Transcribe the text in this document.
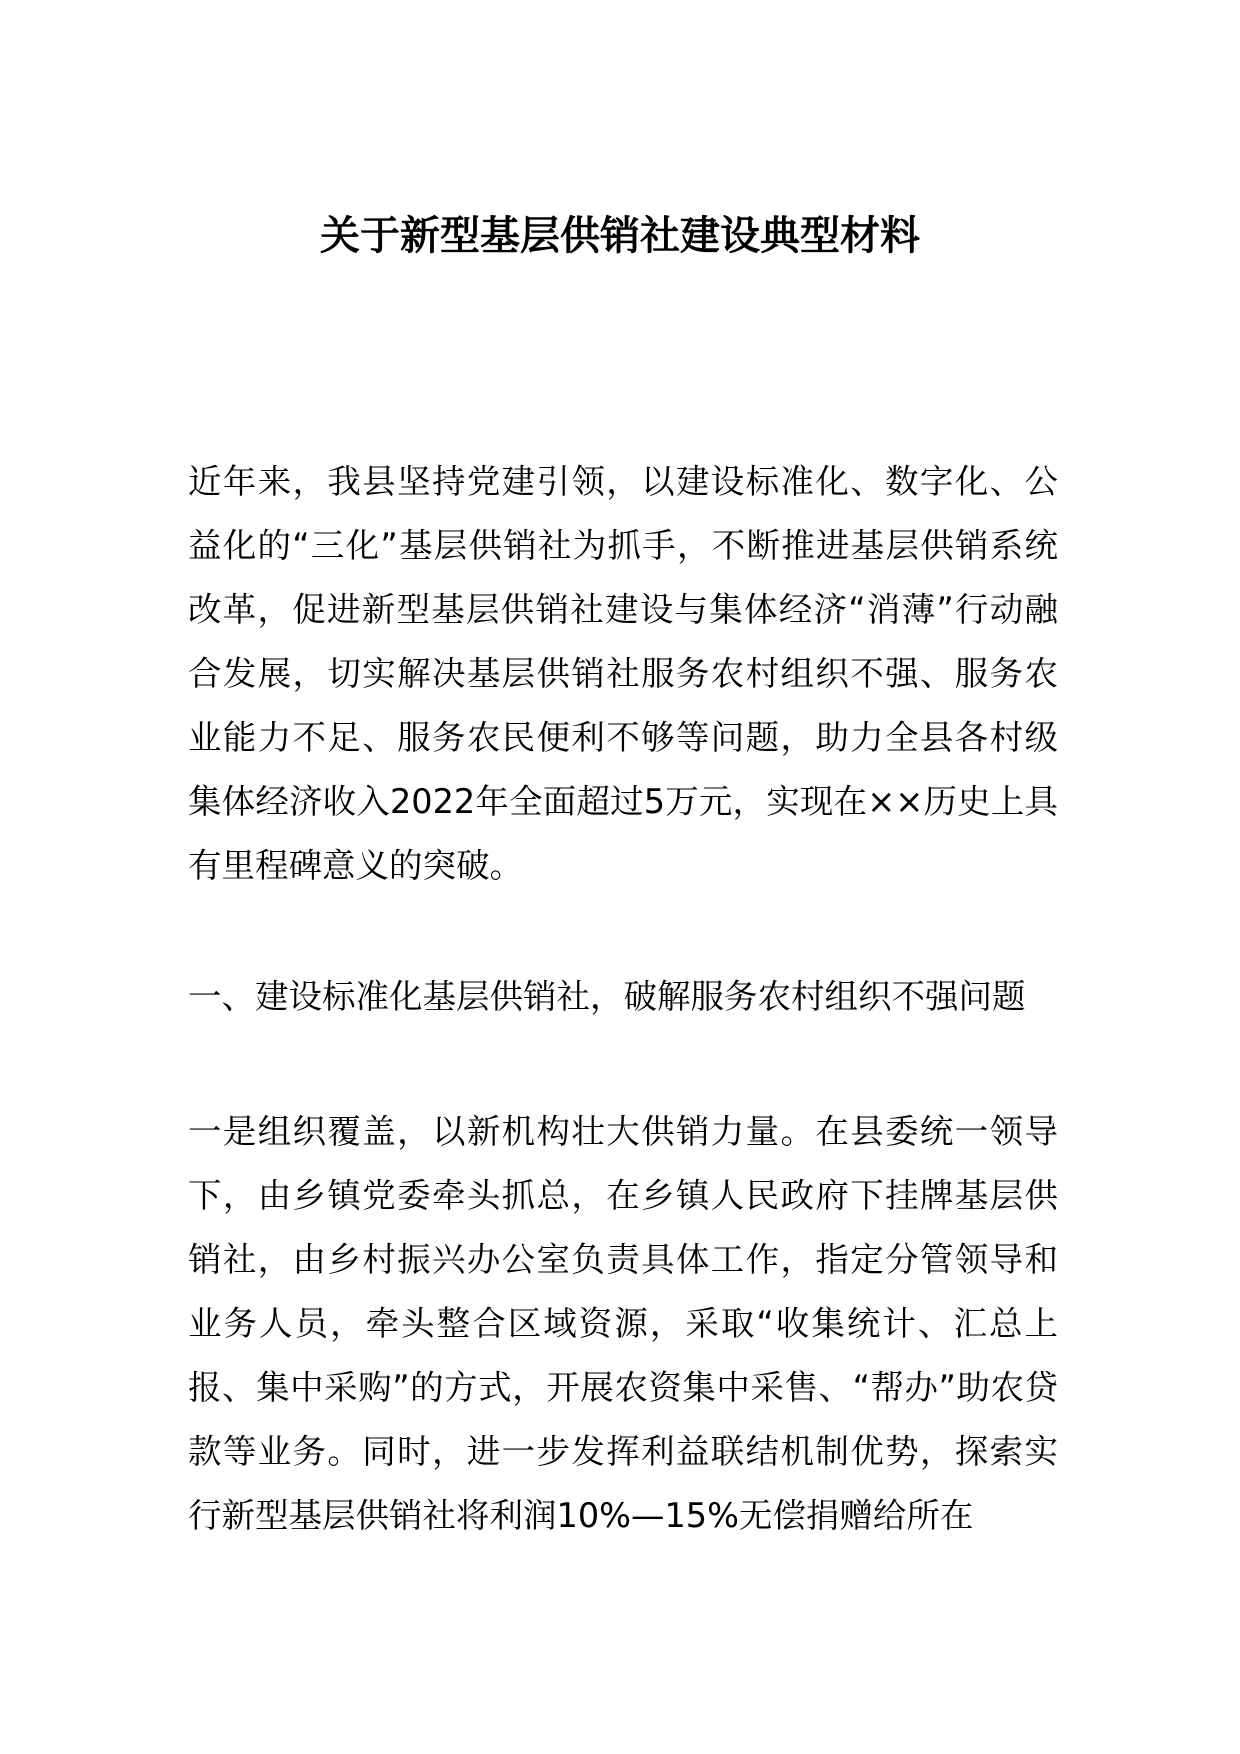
关于新型基层供销社建设典型材料

近年来，我县坚持党建引领，以建设标准化、数字化、公益化的“三化”基层供销社为抓手，不断推进基层供销系统改革，促进新型基层供销社建设与集体经济“消薄”行动融合发展，切实解决基层供销社服务农村组织不强、服务农业能力不足、服务农民便利不够等问题，助力全县各村级集体经济收入2022年全面超过5万元，实现在××历史上具有里程碑意义的突破。

一、建设标准化基层供销社，破解服务农村组织不强问题

一是组织覆盖，以新机构壮大供销力量。在县委统一领导下，由乡镇党委牵头抓总，在乡镇人民政府下挂牌基层供销社，由乡村振兴办公室负责具体工作，指定分管领导和业务人员，牵头整合区域资源，采取“收集统计、汇总上报、集中采购”的方式，开展农资集中采售、“帮办”助农贷款等业务。同时，进一步发挥利益联结机制优势，探索实行新型基层供销社将利润10%—15%无偿捐赠给所在
